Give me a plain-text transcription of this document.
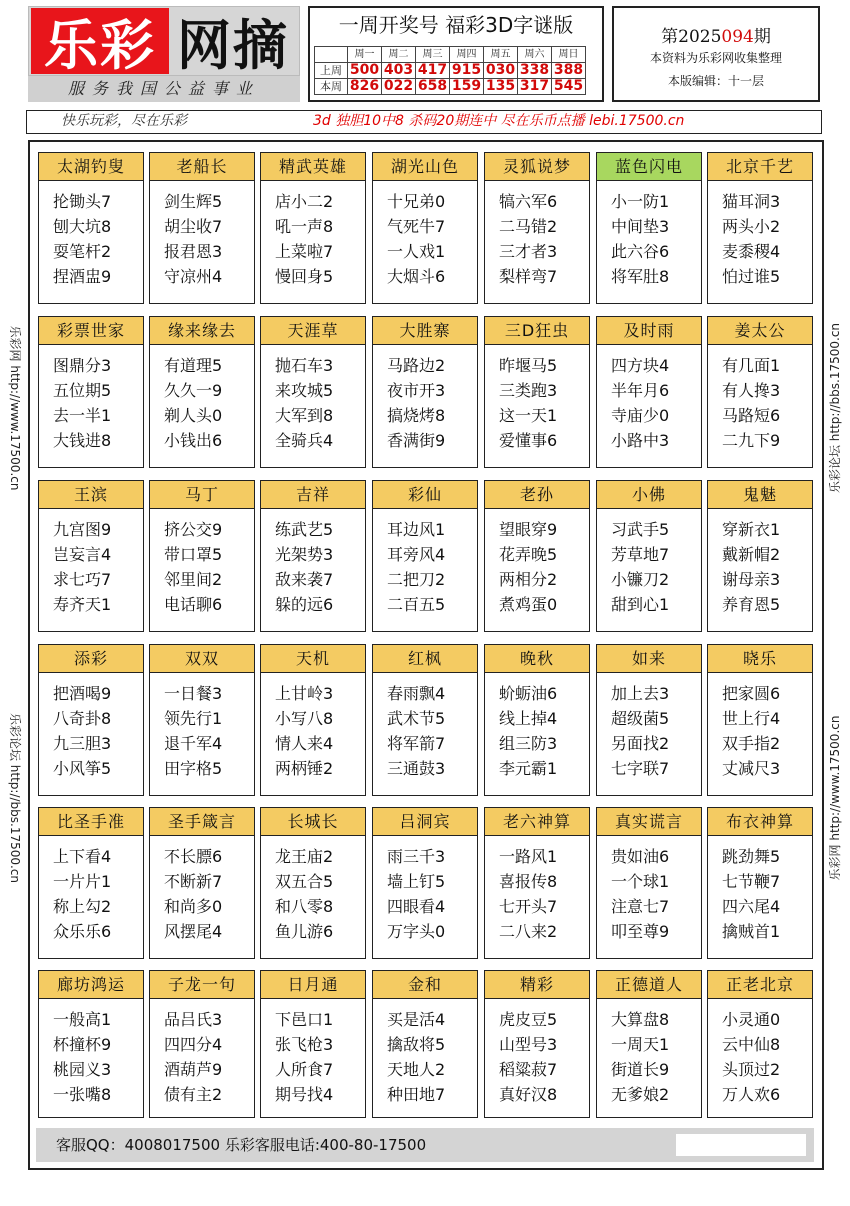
乐彩 网摘
服务我国公益事业
一周开奖号 福彩3D字谜版
	周一	周二	周三	周四	周五	周六	周日
上周	500	403	417	915	030	338	388
本周	826	022	658	159	135	317	545
第2025094期
本资料为乐彩网收集整理
本版编辑：十一层
快乐玩彩，尽在乐彩	3d 独胆10中8 杀码20期连中 尽在乐币点播 lebi.17500.cn
乐彩网 http://www.17500.cn
乐彩论坛 http://bbs.17500.cn
乐彩论坛 http://bbs.17500.cn
乐彩网 http://www.17500.cn
太湖钓叟
抡锄头7
刨大坑8
耍笔杆2
捏酒盅9
老船长
剑生辉5
胡尘收7
报君恩3
守凉州4
精武英雄
店小二2
吼一声8
上菜啦7
慢回身5
湖光山色
十兄弟0
气死牛7
一人戏1
大烟斗6
灵狐说梦
犒六军6
二马错2
三才者3
梨样弯7
蓝色闪电
小一防1
中间垫3
此六谷6
将军肚8
北京千艺
猫耳洞3
两头小2
麦黍稷4
怕过谁5
彩票世家
图鼎分3
五位期5
去一半1
大钱进8
缘来缘去
有道理5
久久一9
剃人头0
小钱出6
天涯草
抛石车3
来攻城5
大军到8
全骑兵4
大胜寨
马路边2
夜市开3
搞烧烤8
香满街9
三D狂虫
昨堰马5
三类跑3
这一天1
爱懂事6
及时雨
四方块4
半年月6
寺庙少0
小路中3
姜太公
有几面1
有人搀3
马路短6
二九下9
王滨
九宫图9
岂妄言4
求七巧7
寿齐天1
马丁
挤公交9
带口罩5
邻里间2
电话聊6
吉祥
练武艺5
光架势3
敌来袭7
躲的远6
彩仙
耳边风1
耳旁风4
二把刀2
二百五5
老孙
望眼穿9
花弄晚5
两相分2
煮鸡蛋0
小佛
习武手5
芳草地7
小镰刀2
甜到心1
鬼魅
穿新衣1
戴新帽2
谢母亲3
养育恩5
添彩
把酒喝9
八奇卦8
九三胆3
小风筝5
双双
一日餐3
领先行1
退千军4
田字格5
天机
上甘岭3
小写八8
情人来4
两柄锤2
红枫
春雨飘4
武术节5
将军箭7
三通鼓3
晚秋
蚧蛎油6
线上掉4
组三防3
李元霸1
如来
加上去3
超级菌5
另面找2
七字联7
晓乐
把家圆6
世上行4
双手指2
丈减尺3
比圣手准
上下看4
一片片1
称上勾2
众乐乐6
圣手箴言
不长膘6
不断新7
和尚多0
风摆尾4
长城长
龙王庙2
双五合5
和八零8
鱼儿游6
吕洞宾
雨三千3
墙上钉5
四眼看4
万字头0
老六神算
一路风1
喜报传8
七开头7
二八来2
真实谎言
贵如油6
一个球1
注意七7
叩至尊9
布衣神算
跳劲舞5
七节鞭7
四六尾4
擒贼首1
廊坊鸿运
一般高1
杯撞杯9
桃园义3
一张嘴8
子龙一句
品吕氏3
四四分4
酒葫芦9
债有主2
日月通
下邑口1
张飞枪3
人所食7
期号找4
金和
买是活4
擒敌将5
天地人2
种田地7
精彩
虎皮豆5
山型号3
稻粱菽7
真好汉8
正德道人
大算盘8
一周天1
街道长9
无爹娘2
正老北京
小灵通0
云中仙8
头顶过2
万人欢6
客服QQ：4008017500 乐彩客服电话:400-80-17500
